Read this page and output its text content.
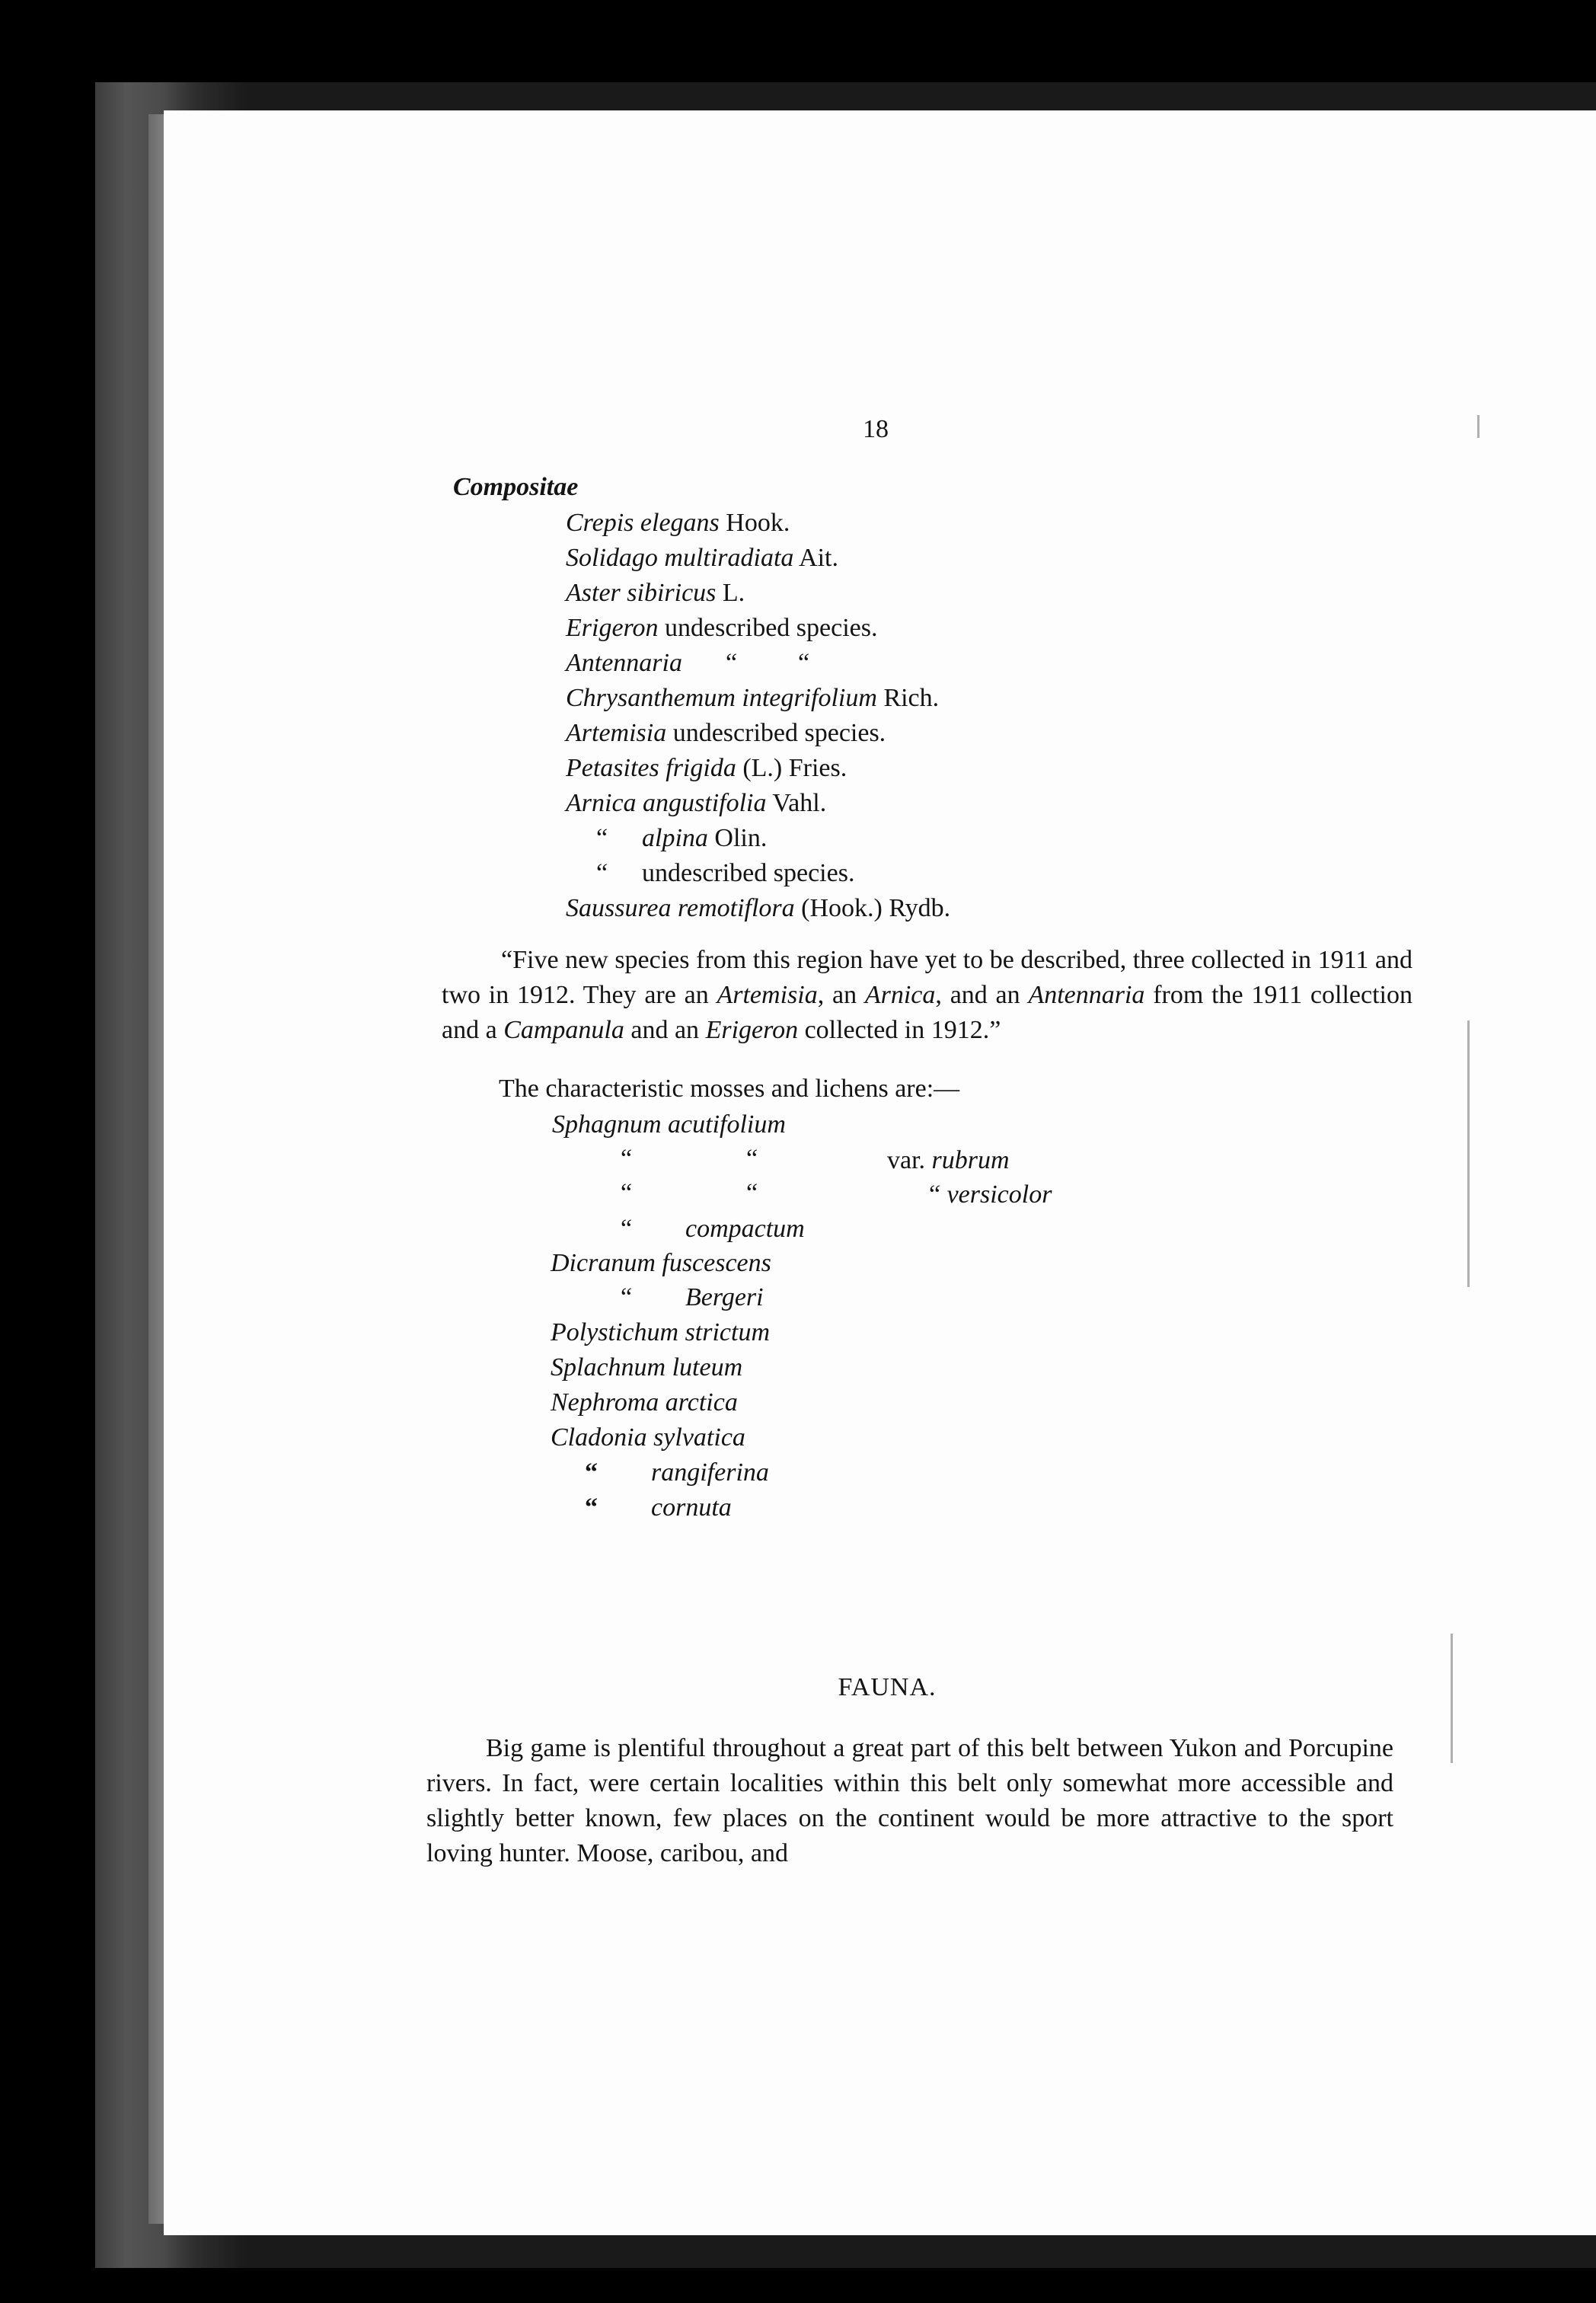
18
Compositae
Crepis elegans Hook.
Solidago multiradiata Ait.
Aster sibiricus L.
Erigeron undescribed species.
Antennaria “ “
Chrysanthemum integrifolium Rich.
Artemisia undescribed species.
Petasites frigida (L.) Fries.
Arnica angustifolia Vahl.
“ alpina Olin.
“ undescribed species.
Saussurea remotiflora (Hook.) Rydb.
“Five new species from this region have yet to be described, three collected in 1911 and two in 1912. They are an Artemisia, an Arnica, and an Antennaria from the 1911 collection and a Campanula and an Erigeron collected in 1912.”
The characteristic mosses and lichens are:—
Sphagnum acutifolium
“	“	var. rubrum
“	“	“ versicolor
“ compactum
Dicranum fuscescens
“ Bergeri
Polystichum strictum
Splachnum luteum
Nephroma arctica
Cladonia sylvatica
“ rangiferina
“ cornuta
FAUNA.
Big game is plentiful throughout a great part of this belt between Yukon and Porcupine rivers. In fact, were certain localities within this belt only somewhat more accessible and slightly better known, few places on the continent would be more attractive to the sport loving hunter. Moose, caribou, and
